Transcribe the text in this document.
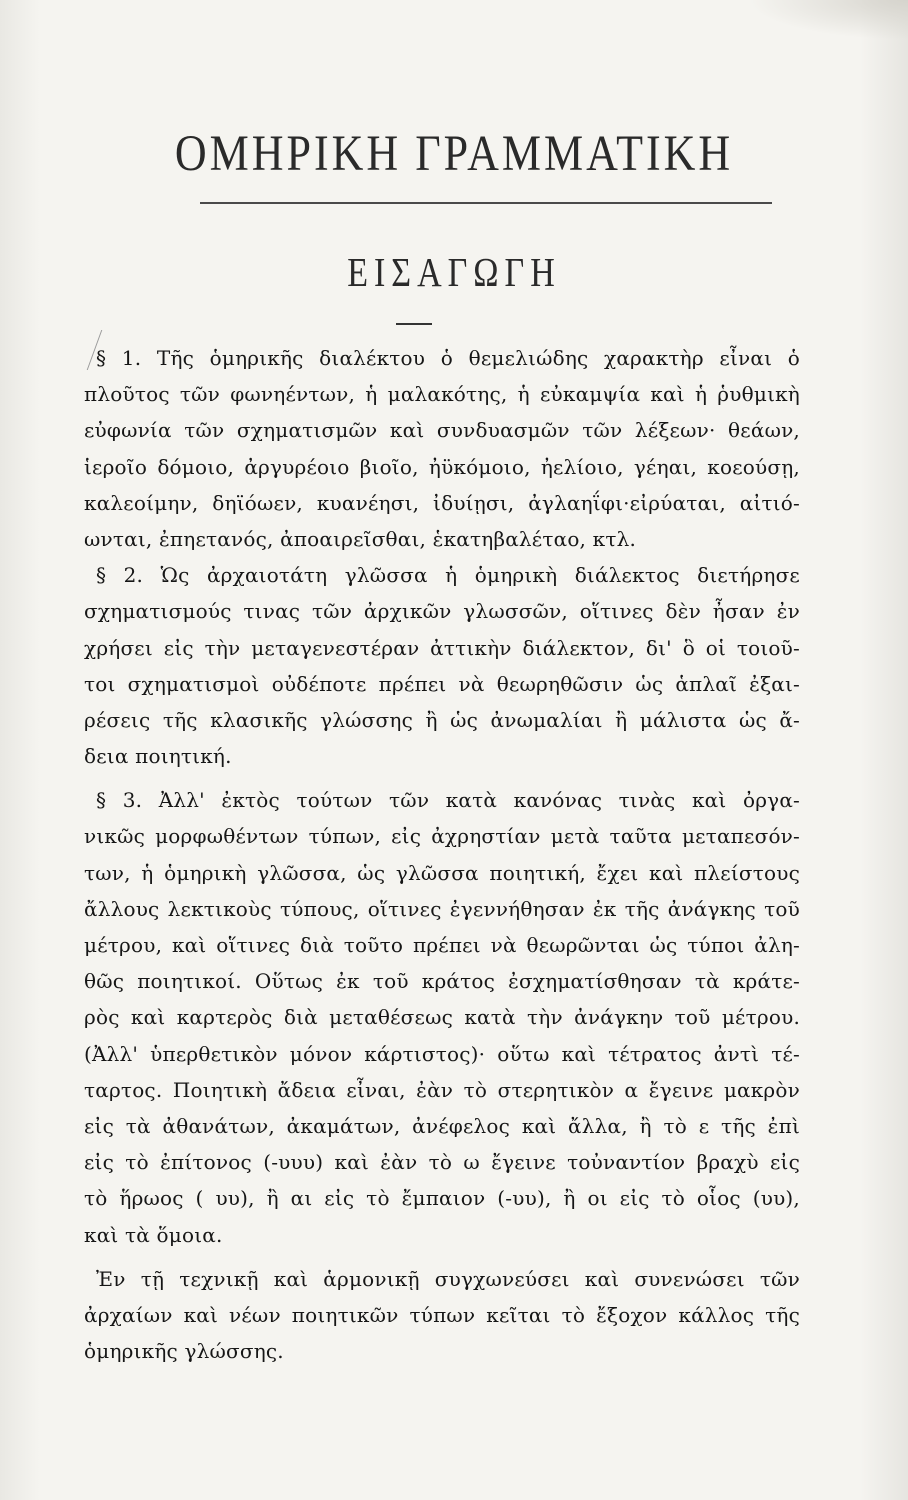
ΟΜΗΡΙΚΗ ΓΡΑΜΜΑΤΙΚΗ
ΕΙΣΑΓΩΓΗ
§ 1. Τῆς ὁμηρικῆς διαλέκτου ὁ θεμελιώδης χαρακτὴρ εἶναι ὁ
πλοῦτος τῶν φωνηέντων, ἡ μαλακότης, ἡ εὐκαμψία καὶ ἡ ῥυθμικὴ
εὐφωνία τῶν σχηματισμῶν καὶ συνδυασμῶν τῶν λέξεων· θεάων,
ἱεροῖο δόμοιο, ἀργυρέοιο βιοῖο, ἠϋκόμοιο, ἠελίοιο, γέηαι, κοεούσῃ,
καλεοίμην, δηϊόωεν, κυανέησι, ἰδυίῃσι, ἀγλαηΐφι·εἰρύαται, αἰτιό-
ωνται, ἐπηετανός, ἀποαιρεῖσθαι, ἑκατηβαλέταο, κτλ.
§ 2. Ὡς ἀρχαιοτάτη γλῶσσα ἡ ὁμηρικὴ διάλεκτος διετήρησε
σχηματισμούς τινας τῶν ἀρχικῶν γλωσσῶν, οἵτινες δὲν ἦσαν ἐν
χρήσει εἰς τὴν μεταγενεστέραν ἀττικὴν διάλεκτον, δι' ὃ οἱ τοιοῦ-
τοι σχηματισμοὶ οὐδέποτε πρέπει νὰ θεωρηθῶσιν ὡς ἁπλαῖ ἐξαι-
ρέσεις τῆς κλασικῆς γλώσσης ἢ ὡς ἀνωμαλίαι ἢ μάλιστα ὡς ἄ-
δεια ποιητική.
§ 3. Ἀλλ' ἐκτὸς τούτων τῶν κατὰ κανόνας τινὰς καὶ ὀργα-
νικῶς μορφωθέντων τύπων, εἰς ἀχρηστίαν μετὰ ταῦτα μεταπεσόν-
των, ἡ ὁμηρικὴ γλῶσσα, ὡς γλῶσσα ποιητική, ἔχει καὶ πλείστους
ἄλλους λεκτικοὺς τύπους, οἵτινες ἐγεννήθησαν ἐκ τῆς ἀνάγκης τοῦ
μέτρου, καὶ οἵτινες διὰ τοῦτο πρέπει νὰ θεωρῶνται ὡς τύποι ἀλη-
θῶς ποιητικοί. Οὕτως ἐκ τοῦ κράτος ἐσχηματίσθησαν τὰ κράτε-
ρὸς καὶ καρτερὸς διὰ μεταθέσεως κατὰ τὴν ἀνάγκην τοῦ μέτρου.
(Ἀλλ' ὑπερθετικὸν μόνον κάρτιστος)· οὕτω καὶ τέτρατος ἀντὶ τέ-
ταρτος. Ποιητικὴ ἄδεια εἶναι, ἐὰν τὸ στερητικὸν α ἔγεινε μακρὸν
εἰς τὰ ἀθανάτων, ἀκαμάτων, ἀνέφελος καὶ ἄλλα, ἢ τὸ ε τῆς ἐπὶ
εἰς τὸ ἐπίτονος (-υυυ) καὶ ἐὰν τὸ ω ἔγεινε τοὐναντίον βραχὺ εἰς
τὸ ἥρωος ( υυ), ἢ αι εἰς τὸ ἔμπαιον (-υυ), ἢ οι εἰς τὸ οἷος (υυ),
καὶ τὰ ὅμοια.
Ἐν τῇ τεχνικῇ καὶ ἁρμονικῇ συγχωνεύσει καὶ συνενώσει τῶν
ἀρχαίων καὶ νέων ποιητικῶν τύπων κεῖται τὸ ἔξοχον κάλλος τῆς
ὁμηρικῆς γλώσσης.
